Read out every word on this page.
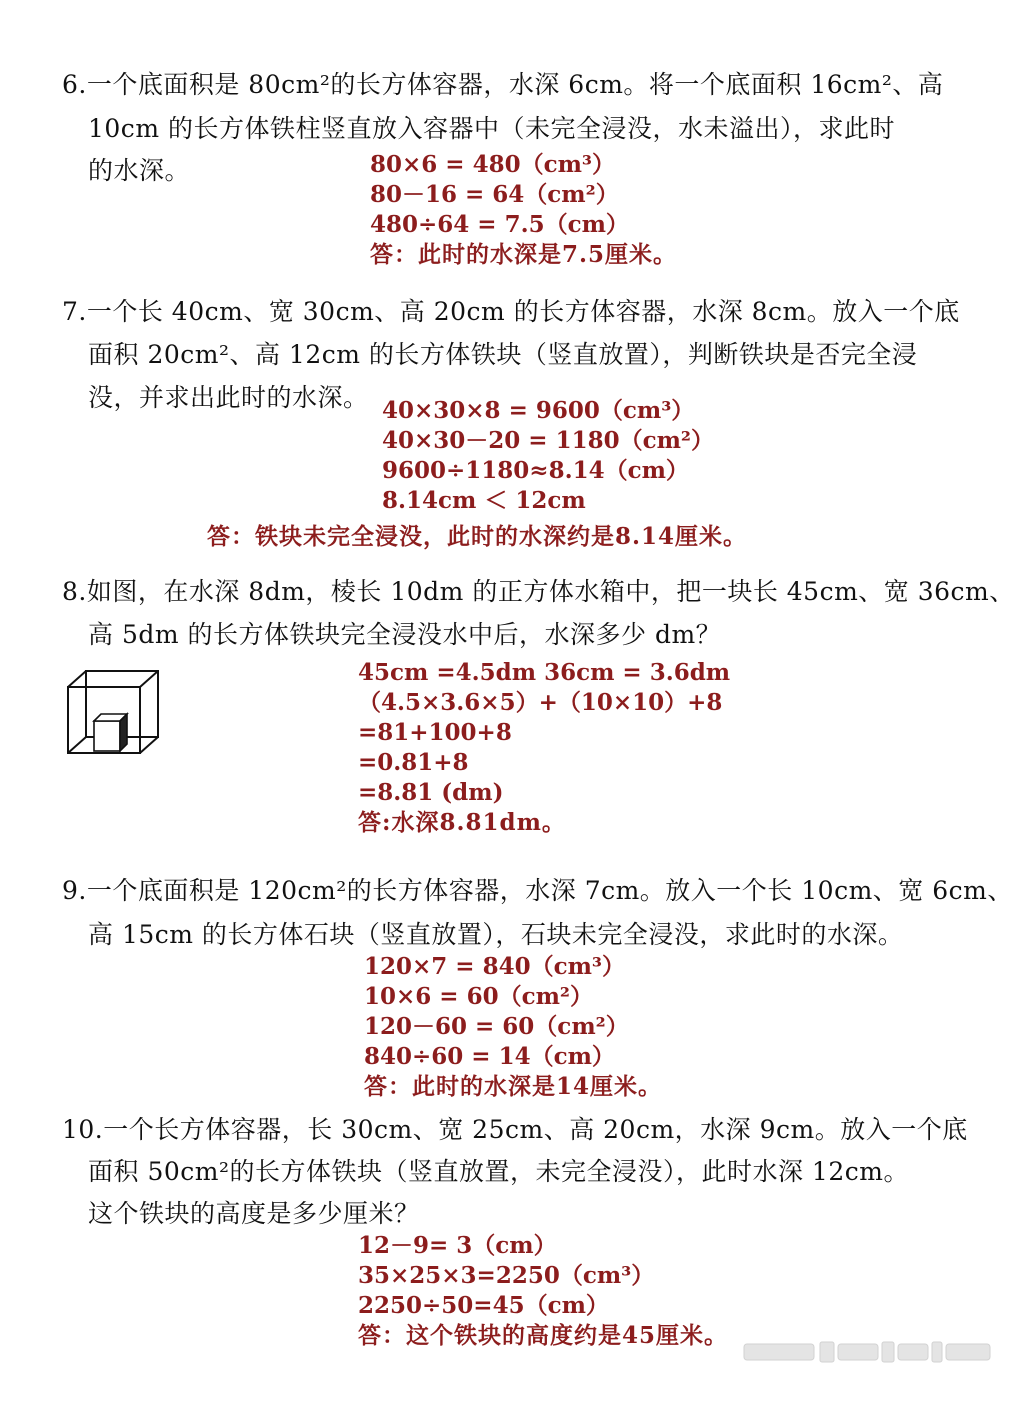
6.一个底面积是 80cm²的长方体容器，水深 6cm。将一个底面积 16cm²、高
10cm 的长方体铁柱竖直放入容器中（未完全浸没，水未溢出），求此时
的水深。	80×6 = 480（cm³）
80－16 = 64（cm²）
480÷64 = 7.5（cm）
答：此时的水深是7.5厘米。
7.一个长 40cm、宽 30cm、高 20cm 的长方体容器，水深 8cm。放入一个底
面积 20cm²、高 12cm 的长方体铁块（竖直放置），判断铁块是否完全浸
没，并求出此时的水深。 40×30×8 = 9600（cm³）
40×30－20 = 1180（cm²）
9600÷1180≈8.14（cm）
8.14cm ＜ 12cm
答：铁块未完全浸没，此时的水深约是8.14厘米。
8.如图，在水深 8dm，棱长 10dm 的正方体水箱中，把一块长 45cm、宽 36cm、
高 5dm 的长方体铁块完全浸没水中后，水深多少 dm？
45cm =4.5dm 36cm = 3.6dm
（4.5×3.6×5）+（10×10）+8
=81+100+8
=0.81+8
=8.81 (dm)
答:水深8.81dm。
9.一个底面积是 120cm²的长方体容器，水深 7cm。放入一个长 10cm、宽 6cm、
高 15cm 的长方体石块（竖直放置），石块未完全浸没，求此时的水深。
120×7 = 840（cm³）
10×6 = 60（cm²）
120－60 = 60（cm²）
840÷60 = 14（cm）
答：此时的水深是14厘米。
10.一个长方体容器，长 30cm、宽 25cm、高 20cm，水深 9cm。放入一个底
面积 50cm²的长方体铁块（竖直放置，未完全浸没），此时水深 12cm。
这个铁块的高度是多少厘米？
12－9= 3（cm）
35×25×3=2250（cm³）
2250÷50=45（cm）
答：这个铁块的高度约是45厘米。
